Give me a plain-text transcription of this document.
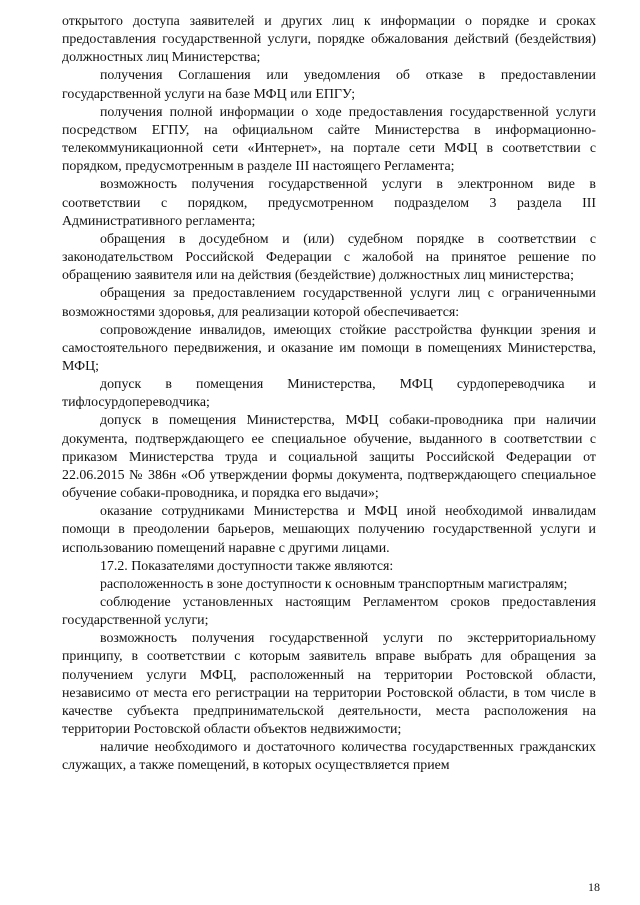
открытого доступа заявителей и других лиц к информации о порядке и сроках предоставления государственной услуги, порядке обжалования действий (бездействия) должностных лиц Министерства;

получения Соглашения или уведомления об отказе в предоставлении государственной услуги на базе МФЦ или ЕПГУ;

получения полной информации о ходе предоставления государственной услуги посредством ЕГПУ, на официальном сайте Министерства в информационно-телекоммуникационной сети «Интернет», на портале сети МФЦ в соответствии с порядком, предусмотренным в разделе III настоящего Регламента;

возможность получения государственной услуги в электронном виде в соответствии с порядком, предусмотренном подразделом 3 раздела III Административного регламента;

обращения в досудебном и (или) судебном порядке в соответствии с законодательством Российской Федерации с жалобой на принятое решение по обращению заявителя или на действия (бездействие) должностных лиц министерства;

обращения за предоставлением государственной услуги лиц с ограниченными возможностями здоровья, для реализации которой обеспечивается:

сопровождение инвалидов, имеющих стойкие расстройства функции зрения и самостоятельного передвижения, и оказание им помощи в помещениях Министерства, МФЦ;

допуск в помещения Министерства, МФЦ сурдопереводчика и тифлосурдопереводчика;

допуск в помещения Министерства, МФЦ собаки-проводника при наличии документа, подтверждающего ее специальное обучение, выданного в соответствии с приказом Министерства труда и социальной защиты Российской Федерации от 22.06.2015 № 386н «Об утверждении формы документа, подтверждающего специальное обучение собаки-проводника, и порядка его выдачи»;

оказание сотрудниками Министерства и МФЦ иной необходимой инвалидам помощи в преодолении барьеров, мешающих получению государственной услуги и использованию помещений наравне с другими лицами.

17.2. Показателями доступности также являются:

расположенность в зоне доступности к основным транспортным магистралям;

соблюдение установленных настоящим Регламентом сроков предоставления государственной услуги;

возможность получения государственной услуги по экстерриториальному принципу, в соответствии с которым заявитель вправе выбрать для обращения за получением услуги МФЦ, расположенный на территории Ростовской области, независимо от места его регистрации на территории Ростовской области, в том числе в качестве субъекта предпринимательской деятельности, места расположения на территории Ростовской области объектов недвижимости;

наличие необходимого и достаточного количества государственных гражданских служащих, а также помещений, в которых осуществляется прием

18
